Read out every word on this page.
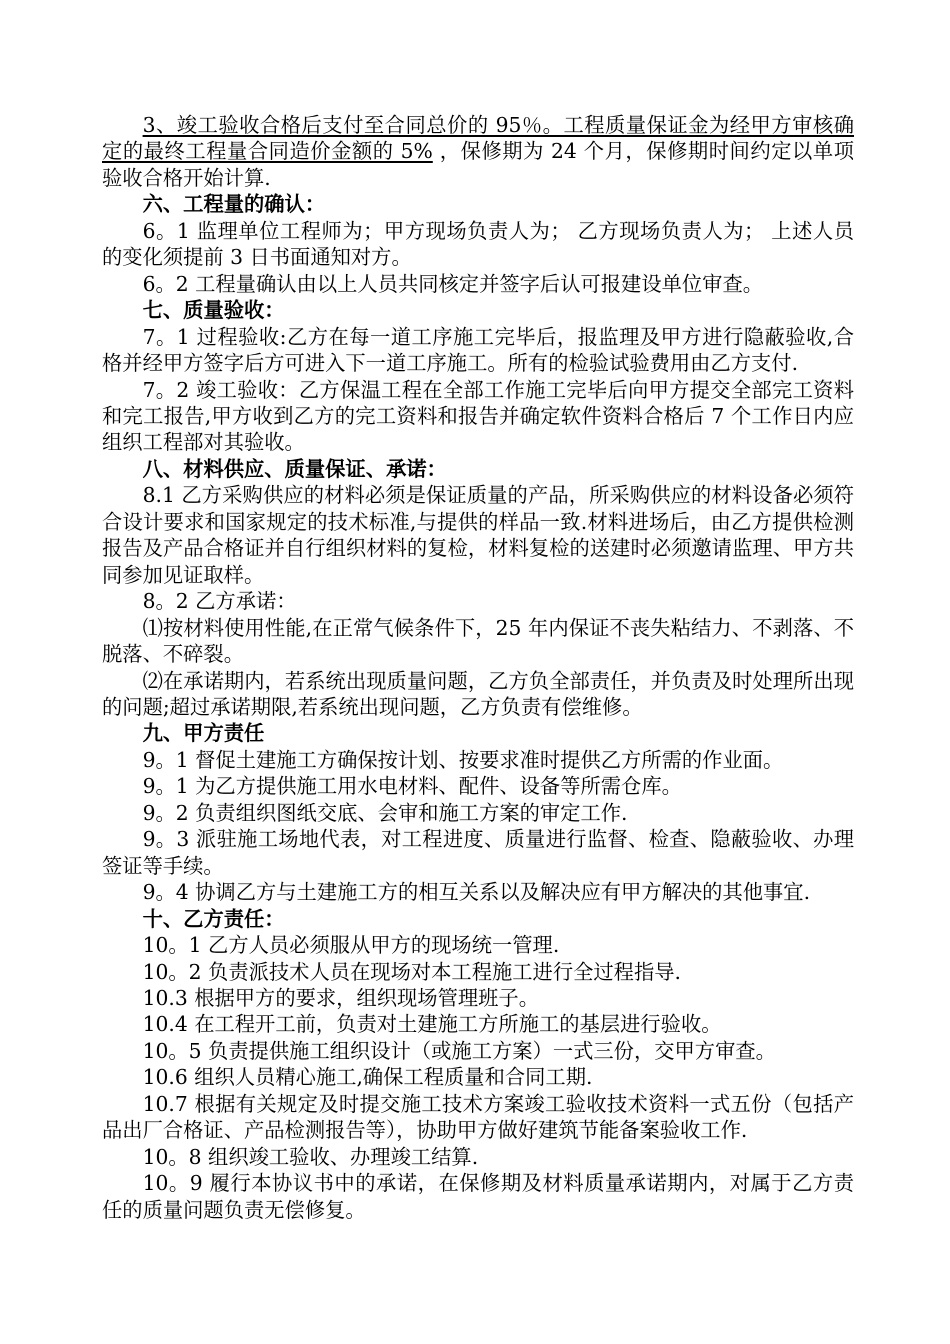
3、竣工验收合格后支付至合同总价的 95％。工程质量保证金为经甲方审核确定的最终工程量合同造价金额的 5% ，保修期为 24 个月，保修期时间约定以单项验收合格开始计算.

六、工程量的确认：

6。1 监理单位工程师为；甲方现场负责人为； 乙方现场负责人为； 上述人员的变化须提前 3 日书面通知对方。

6。2 工程量确认由以上人员共同核定并签字后认可报建设单位审查。

七、质量验收：

7。1 过程验收:乙方在每一道工序施工完毕后，报监理及甲方进行隐蔽验收,合格并经甲方签字后方可进入下一道工序施工。所有的检验试验费用由乙方支付.

7。2 竣工验收：乙方保温工程在全部工作施工完毕后向甲方提交全部完工资料和完工报告,甲方收到乙方的完工资料和报告并确定软件资料合格后 7 个工作日内应组织工程部对其验收。

八、材料供应、质量保证、承诺：

8.1 乙方采购供应的材料必须是保证质量的产品，所采购供应的材料设备必须符合设计要求和国家规定的技术标准,与提供的样品一致.材料进场后，由乙方提供检测报告及产品合格证并自行组织材料的复检，材料复检的送建时必须邀请监理、甲方共同参加见证取样。

8。2 乙方承诺：

⑴按材料使用性能,在正常气候条件下，25 年内保证不丧失粘结力、不剥落、不脱落、不碎裂。

⑵在承诺期内，若系统出现质量问题，乙方负全部责任，并负责及时处理所出现的问题;超过承诺期限,若系统出现问题，乙方负责有偿维修。

九、甲方责任

9。1 督促土建施工方确保按计划、按要求准时提供乙方所需的作业面。

9。1 为乙方提供施工用水电材料、配件、设备等所需仓库。

9。2 负责组织图纸交底、会审和施工方案的审定工作.

9。3 派驻施工场地代表，对工程进度、质量进行监督、检查、隐蔽验收、办理签证等手续。

9。4 协调乙方与土建施工方的相互关系以及解决应有甲方解决的其他事宜.

十、乙方责任：

10。1 乙方人员必须服从甲方的现场统一管理.

10。2 负责派技术人员在现场对本工程施工进行全过程指导.

10.3 根据甲方的要求，组织现场管理班子。

10.4 在工程开工前，负责对土建施工方所施工的基层进行验收。

10。5 负责提供施工组织设计（或施工方案）一式三份，交甲方审查。

10.6 组织人员精心施工,确保工程质量和合同工期.

10.7 根据有关规定及时提交施工技术方案竣工验收技术资料一式五份（包括产品出厂合格证、产品检测报告等），协助甲方做好建筑节能备案验收工作.

10。8 组织竣工验收、办理竣工结算.

10。9 履行本协议书中的承诺，在保修期及材料质量承诺期内，对属于乙方责任的质量问题负责无偿修复。
